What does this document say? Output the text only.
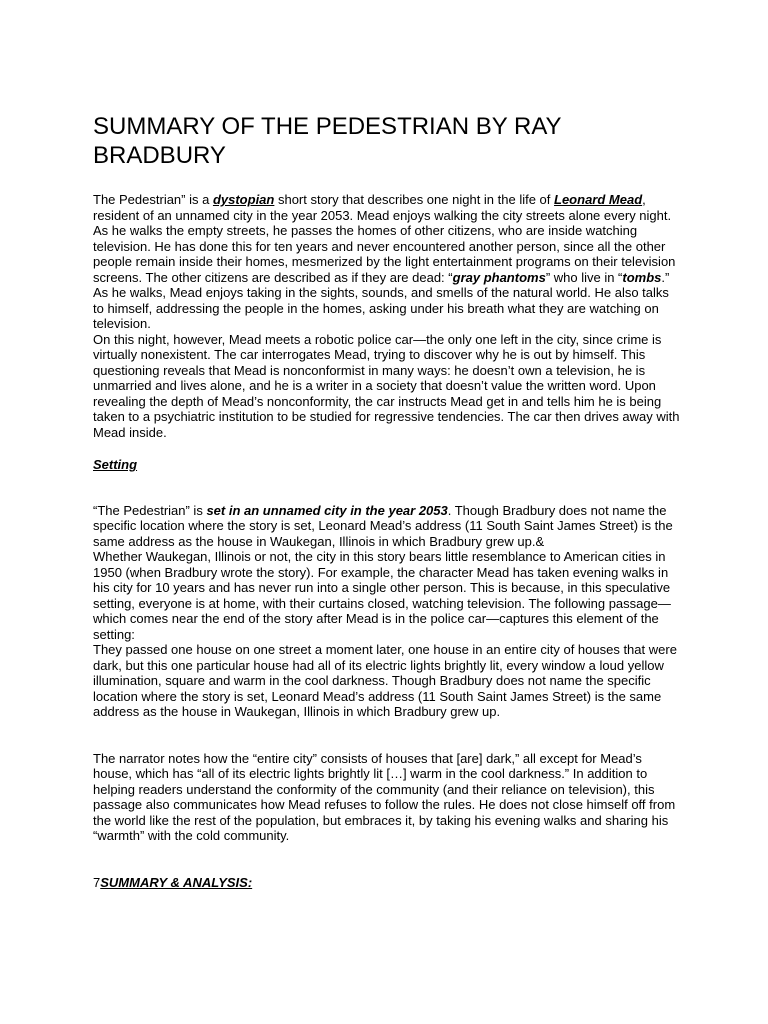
SUMMARY OF THE PEDESTRIAN BY RAY BRADBURY

The Pedestrian” is a dystopian short story that describes one night in the life of Leonard Mead, resident of an unnamed city in the year 2053. Mead enjoys walking the city streets alone every night. As he walks the empty streets, he passes the homes of other citizens, who are inside watching television. He has done this for ten years and never encountered another person, since all the other people remain inside their homes, mesmerized by the light entertainment programs on their television screens. The other citizens are described as if they are dead: “gray phantoms” who live in “tombs.” As he walks, Mead enjoys taking in the sights, sounds, and smells of the natural world. He also talks to himself, addressing the people in the homes, asking under his breath what they are watching on television.

On this night, however, Mead meets a robotic police car—the only one left in the city, since crime is virtually nonexistent. The car interrogates Mead, trying to discover why he is out by himself. This questioning reveals that Mead is nonconformist in many ways: he doesn’t own a television, he is unmarried and lives alone, and he is a writer in a society that doesn’t value the written word. Upon revealing the depth of Mead’s nonconformity, the car instructs Mead get in and tells him he is being taken to a psychiatric institution to be studied for regressive tendencies. The car then drives away with Mead inside.

Setting

“The Pedestrian” is set in an unnamed city in the year 2053. Though Bradbury does not name the specific location where the story is set, Leonard Mead’s address (11 South Saint James Street) is the same address as the house in Waukegan, Illinois in which Bradbury grew up.&

Whether Waukegan, Illinois or not, the city in this story bears little resemblance to American cities in 1950 (when Bradbury wrote the story). For example, the character Mead has taken evening walks in his city for 10 years and has never run into a single other person. This is because, in this speculative setting, everyone is at home, with their curtains closed, watching television. The following passage—which comes near the end of the story after Mead is in the police car—captures this element of the setting:

They passed one house on one street a moment later, one house in an entire city of houses that were dark, but this one particular house had all of its electric lights brightly lit, every window a loud yellow illumination, square and warm in the cool darkness. Though Bradbury does not name the specific location where the story is set, Leonard Mead’s address (11 South Saint James Street) is the same address as the house in Waukegan, Illinois in which Bradbury grew up.

The narrator notes how the “entire city” consists of houses that [are] dark,” all except for Mead’s house, which has “all of its electric lights brightly lit […] warm in the cool darkness.” In addition to helping readers understand the conformity of the community (and their reliance on television), this passage also communicates how Mead refuses to follow the rules. He does not close himself off from the world like the rest of the population, but embraces it, by taking his evening walks and sharing his “warmth” with the cold community.

7SUMMARY & ANALYSIS:
